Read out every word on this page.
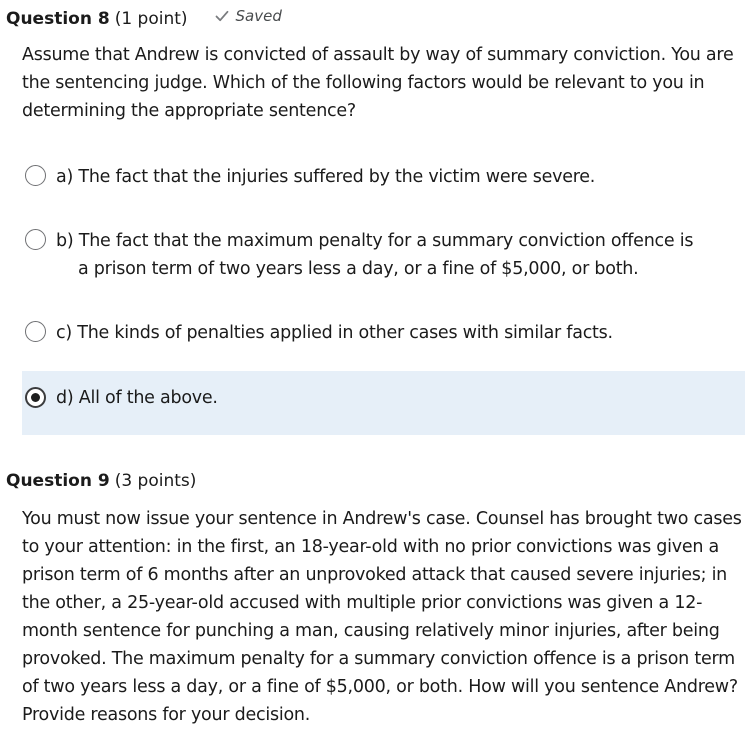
Question 8 (1 point)	Saved
Assume that Andrew is convicted of assault by way of summary conviction. You are the sentencing judge. Which of the following factors would be relevant to you in determining the appropriate sentence?
a) The fact that the injuries suffered by the victim were severe.
b) The fact that the maximum penalty for a summary conviction offence is a prison term of two years less a day, or a fine of $5,000, or both.
c) The kinds of penalties applied in other cases with similar facts.
d) All of the above.
Question 9 (3 points)
You must now issue your sentence in Andrew's case. Counsel has brought two cases to your attention: in the first, an 18-year-old with no prior convictions was given a prison term of 6 months after an unprovoked attack that caused severe injuries; in the other, a 25-year-old accused with multiple prior convictions was given a 12-month sentence for punching a man, causing relatively minor injuries, after being provoked. The maximum penalty for a summary conviction offence is a prison term of two years less a day, or a fine of $5,000, or both. How will you sentence Andrew? Provide reasons for your decision.
